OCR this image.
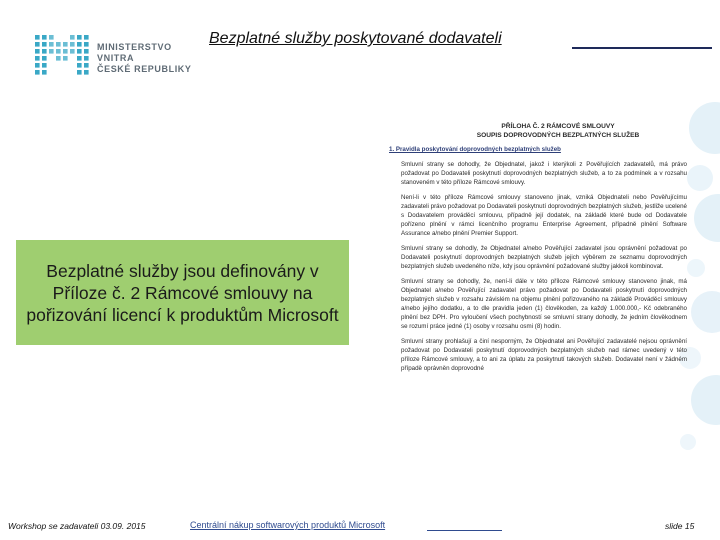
MINISTERSTVO VNITRA
ČESKÉ REPUBLIKY
Bezplatné služby poskytované dodavateli
PŘÍLOHA Č. 2 RÁMCOVÉ SMLOUVY
SOUPIS DOPROVODNÝCH BEZPLATNÝCH SLUŽEB
1. Pravidla poskytování doprovodných bezplatných služeb
Smluvní strany se dohodly, že Objednatel, jakož i kterýkoli z Pověřujících zadavatelů, má právo požadovat po Dodavateli poskytnutí doprovodných bezplatných služeb, a to za podmínek a v rozsahu stanoveném v této příloze Rámcové smlouvy.
Není-li v této příloze Rámcové smlouvy stanoveno jinak, vzniká Objednateli nebo Pověřujícímu zadavateli právo požadovat po Dodavateli poskytnutí doprovodných bezplatných služeb, jestliže ucelené s Dodavatelem prováděcí smlouvu, případně její dodatek, na základě které bude od Dodavatele pořízeno plnění v rámci licenčního programu Enterprise Agreement, případně plnění Software Assurance a/nebo plnění Premier Support.
Smluvní strany se dohodly, že Objednatel a/nebo Pověřující zadavatel jsou oprávnění požadovat po Dodavateli poskytnutí doprovodných bezplatných služeb jejich výběrem ze seznamu doprovodných bezplatných služeb uvedeného níže, kdy jsou oprávnění požadované služby jakkoli kombinovat.
Smluvní strany se dohodly, že, není-li dále v této příloze Rámcové smlouvy stanoveno jinak, má Objednatel a/nebo Pověřující zadavatel právo požadovat po Dodavateli poskytnutí doprovodných bezplatných služeb v rozsahu závislém na objemu plnění pořizovaného na základě Prováděcí smlouvy a/nebo jejího dodatku, a to dle pravidla jeden (1) člověkoden, za každý 1.000.000,- Kč odebraného plnění bez DPH. Pro vyloučení všech pochybností se smluvní strany dohodly, že jedním člověkodnem se rozumí práce jedné (1) osoby v rozsahu osmi (8) hodin.
Smluvní strany prohlašují a činí nesporným, že Objednatel ani Pověřující zadavatelé nejsou oprávnění požadovat po Dodavateli poskytnutí doprovodných bezplatných služeb nad rámec uvedený v této příloze Rámcové smlouvy, a to ani za úplatu za poskytnutí takových služeb. Dodavatel není v žádném případě oprávněn doprovodné
Bezplatné služby jsou definovány v Příloze č. 2 Rámcové smlouvy na pořizování licencí k produktům Microsoft
Workshop se zadavateli 03.09. 2015	Centrální nákup softwarových produktů Microsoft	slide 15
